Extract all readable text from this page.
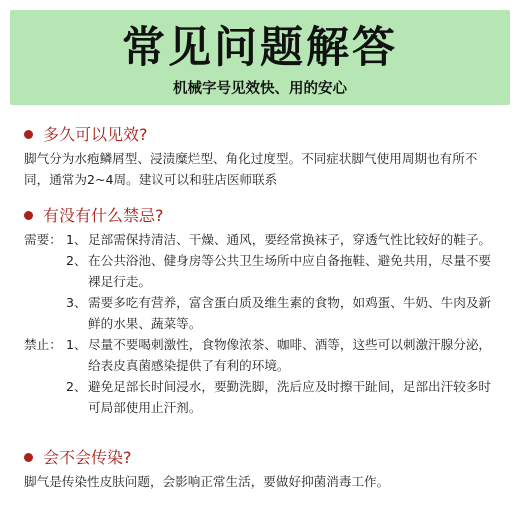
常见问题解答
机械字号见效快、用的安心
多久可以见效?
脚气分为水疱鳞屑型、浸渍糜烂型、角化过度型。不同症状脚气使用周期也有所不同，通常为2~4周。建议可以和驻店医师联系
有没有什么禁忌?
需要： 1、 足部需保持清洁、干燥、通风，要经常换袜子，穿透气性比较好的鞋子。
2、 在公共浴池、健身房等公共卫生场所中应自备拖鞋、避免共用，尽量不要裸足行走。
3、 需要多吃有营养，富含蛋白质及维生素的食物，如鸡蛋、牛奶、牛肉及新鲜的水果、蔬菜等。
禁止： 1、 尽量不要喝刺激性，食物像浓茶、咖啡、酒等，这些可以刺激汗腺分泌，给表皮真菌感染提供了有利的环境。
2、 避免足部长时间浸水，要勤洗脚，洗后应及时擦干趾间，足部出汗较多时可局部使用止汗剂。
会不会传染?
脚气是传染性皮肤问题，会影响正常生活，要做好抑菌消毒工作。
